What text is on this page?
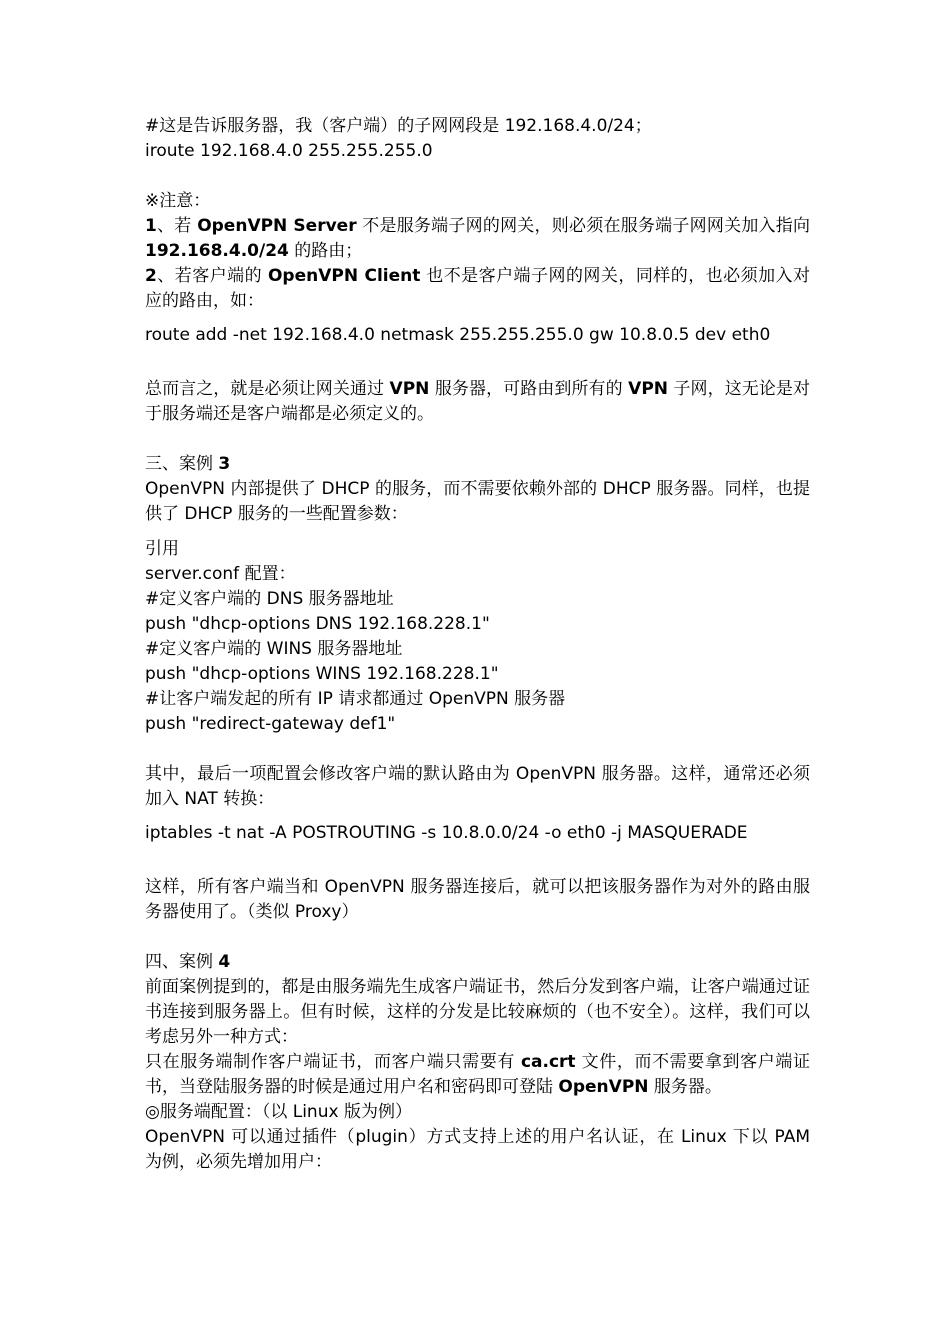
#这是告诉服务器，我（客户端）的子网网段是 192.168.4.0/24；
iroute 192.168.4.0 255.255.255.0
※注意：
1、若 OpenVPN Server 不是服务端子网的网关，则必须在服务端子网网关加入指向 192.168.4.0/24 的路由；
2、若客户端的 OpenVPN Client 也不是客户端子网的网关，同样的，也必须加入对应的路由，如：
route add -net 192.168.4.0 netmask 255.255.255.0 gw 10.8.0.5 dev eth0
总而言之，就是必须让网关通过 VPN 服务器，可路由到所有的 VPN 子网，这无论是对于服务端还是客户端都是必须定义的。
三、案例 3
OpenVPN 内部提供了 DHCP 的服务，而不需要依赖外部的 DHCP 服务器。同样，也提供了 DHCP 服务的一些配置参数：
引用
server.conf 配置：
#定义客户端的 DNS 服务器地址
push "dhcp-options DNS 192.168.228.1"
#定义客户端的 WINS 服务器地址
push "dhcp-options WINS 192.168.228.1"
#让客户端发起的所有 IP 请求都通过 OpenVPN 服务器
push "redirect-gateway def1"
其中，最后一项配置会修改客户端的默认路由为 OpenVPN 服务器。这样，通常还必须加入 NAT 转换：
iptables -t nat -A POSTROUTING -s 10.8.0.0/24 -o eth0 -j MASQUERADE
这样，所有客户端当和 OpenVPN 服务器连接后，就可以把该服务器作为对外的路由服务器使用了。（类似 Proxy）
四、案例 4
前面案例提到的，都是由服务端先生成客户端证书，然后分发到客户端，让客户端通过证书连接到服务器上。但有时候，这样的分发是比较麻烦的（也不安全）。这样，我们可以考虑另外一种方式：
只在服务端制作客户端证书，而客户端只需要有 ca.crt 文件，而不需要拿到客户端证书，当登陆服务器的时候是通过用户名和密码即可登陆 OpenVPN 服务器。
◎服务端配置：（以 Linux 版为例）
OpenVPN 可以通过插件（plugin）方式支持上述的用户名认证，在 Linux 下以 PAM 为例，必须先增加用户：
